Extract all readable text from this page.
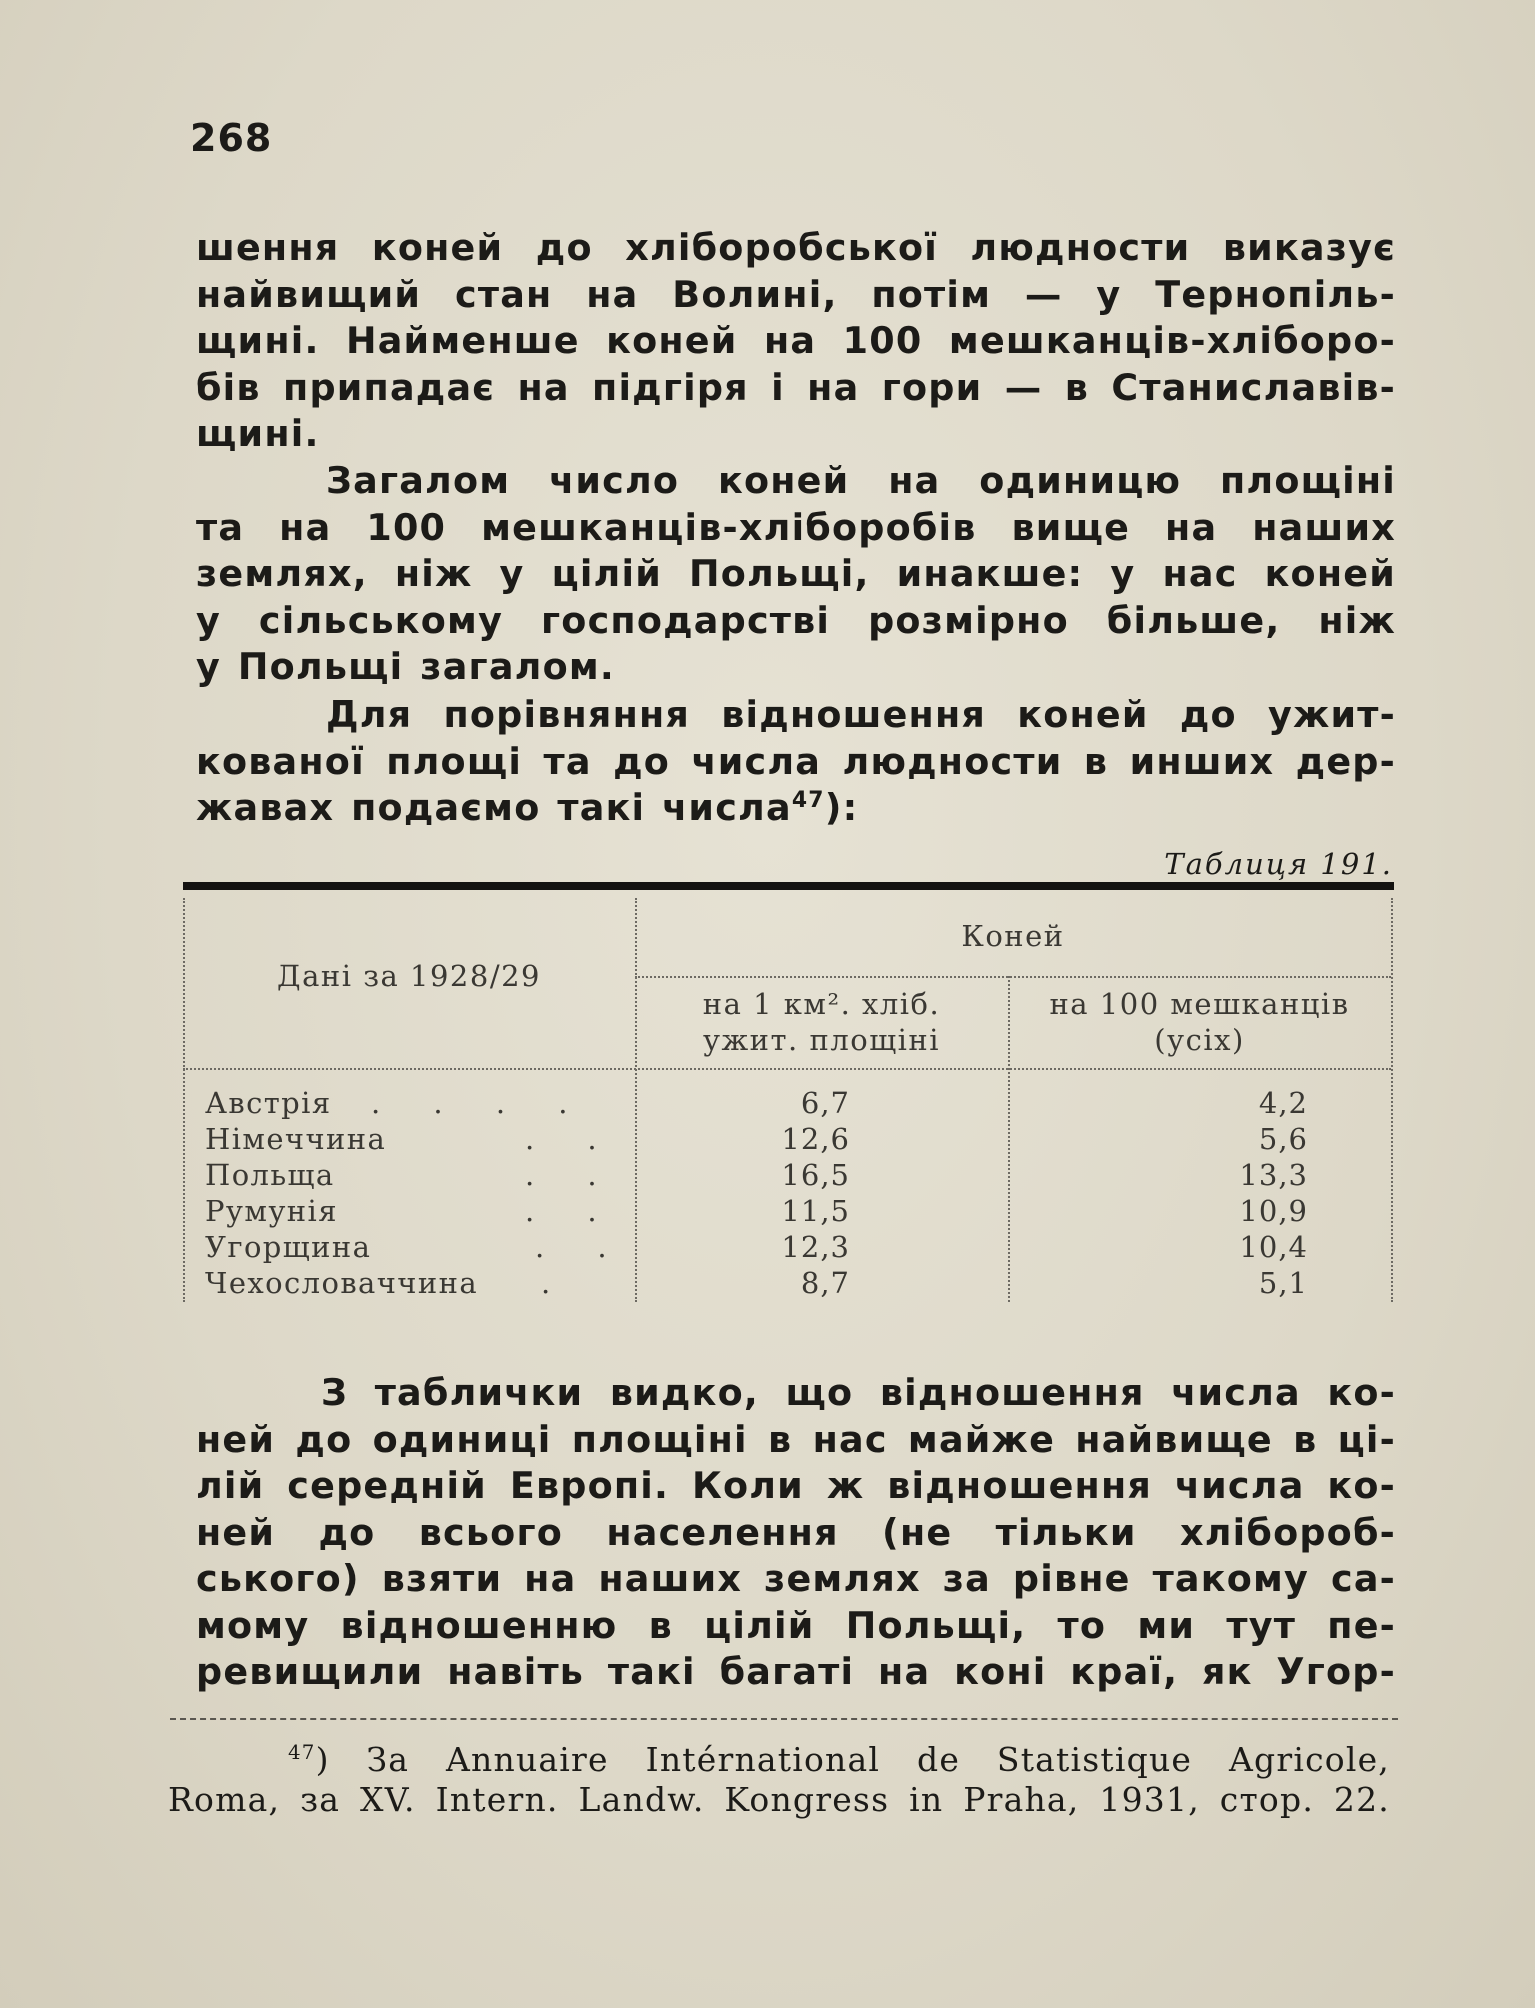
268
шення коней до хліборобської людности виказує
найвищий стан на Волині, потім — у Тернопіль-
щині. Найменше коней на 100 мешканців-хліборо-
бів припадає на підгіря і на гори — в Станиславів-
щині.
Загалом число коней на одиницю площіні
та на 100 мешканців-хліборобів вище на наших
землях, ніж у цілій Польщі, инакше: у нас коней
у сільському господарстві розмірно більше, ніж
у Польщі загалом.
Для порівняння відношення коней до ужит-
кованої площі та до числа людности в инших дер-
жавах подаємо такі числа$^{47}$):
Таблиця 191.
Дані за 1928/29
Коней
на 1 км². хліб.
ужит. площіні
на 100 мешканців
(усіх)
Австрія . . . .	6,7	4,2
Німеччина	. .	12,6	5,6
Польща	. .	16,5	13,3
Румунія	. .	11,5	10,9
Угорщина	. .	12,3	10,4
Чехословаччина .	8,7	5,1
З таблички видко, що відношення числа ко-
ней до одиниці площіні в нас майже найвище в ці-
лій середній Европі. Коли ж відношення числа ко-
ней до всього населення (не тільки хлібороб-
ського) взяти на наших землях за рівне такому са-
мому відношенню в цілій Польщі, то ми тут пе-
ревищили навіть такі багаті на коні краї, як Угор-
$^{47}$) За Annuaire Intérnational de Statistique Agricole,
Roma, за XV. Intern. Landw. Kongress in Praha, 1931, стор. 22.
